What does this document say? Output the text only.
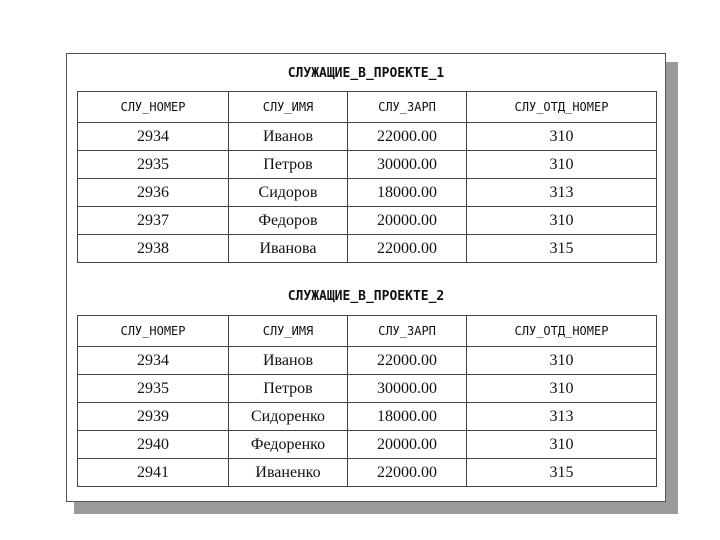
СЛУЖАЩИЕ_В_ПРОЕКТЕ_1
СЛУ_НОМЕР	СЛУ_ИМЯ	СЛУ_ЗАРП	СЛУ_ОТД_НОМЕР
2934	Иванов	22000.00	310
2935	Петров	30000.00	310
2936	Сидоров	18000.00	313
2937	Федоров	20000.00	310
2938	Иванова	22000.00	315
СЛУЖАЩИЕ_В_ПРОЕКТЕ_2
СЛУ_НОМЕР	СЛУ_ИМЯ	СЛУ_ЗАРП	СЛУ_ОТД_НОМЕР
2934	Иванов	22000.00	310
2935	Петров	30000.00	310
2939	Сидоренко	18000.00	313
2940	Федоренко	20000.00	310
2941	Иваненко	22000.00	315
